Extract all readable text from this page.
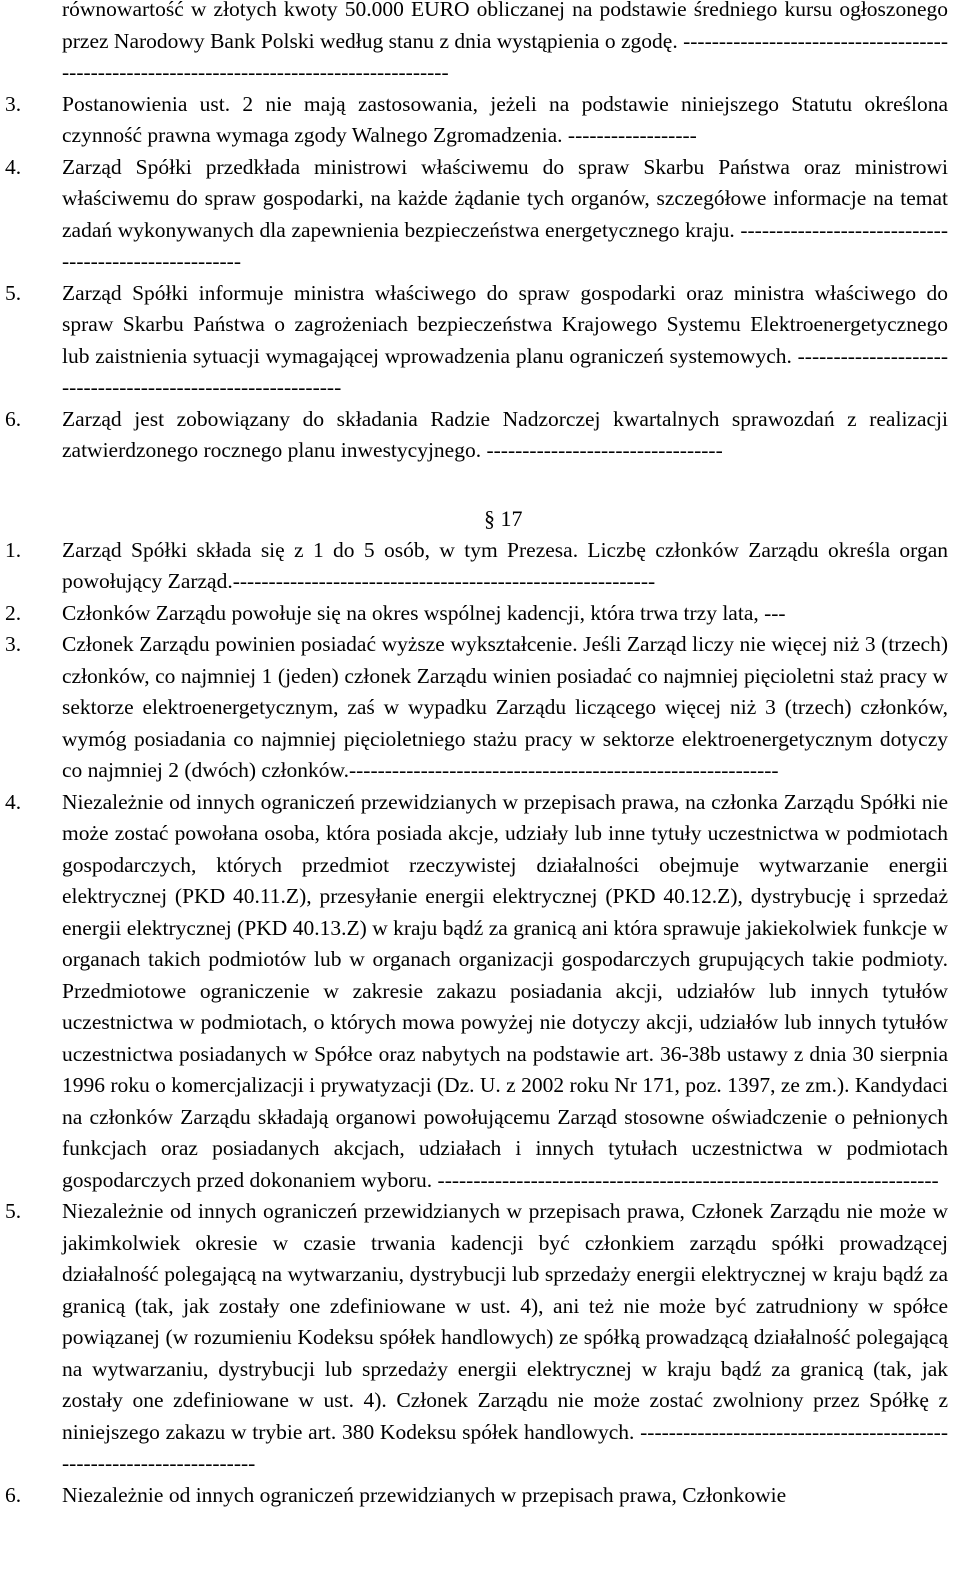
równowartość w złotych kwoty 50.000 EURO obliczanej na podstawie średniego kursu ogłoszonego przez Narodowy Bank Polski według stanu z dnia wystąpienia o zgodę. -------------------------------------------------------------------------------------------

3. Postanowienia ust. 2 nie mają zastosowania, jeżeli na podstawie niniejszego Statutu określona czynność prawna wymaga zgody Walnego Zgromadzenia. ------------------

4. Zarząd Spółki przedkłada ministrowi właściwemu do spraw Skarbu Państwa oraz ministrowi właściwemu do spraw gospodarki, na każde żądanie tych organów, szczegółowe informacje na temat zadań wykonywanych dla zapewnienia bezpieczeństwa energetycznego kraju. ------------------------------------------------------

5. Zarząd Spółki informuje ministra właściwego do spraw gospodarki oraz ministra właściwego do spraw Skarbu Państwa o zagrożeniach bezpieczeństwa Krajowego Systemu Elektroenergetycznego lub zaistnienia sytuacji wymagającej wprowadzenia planu ograniczeń systemowych. ------------------------------------------------------------

6. Zarząd jest zobowiązany do składania Radzie Nadzorczej kwartalnych sprawozdań z realizacji zatwierdzonego rocznego planu inwestycyjnego. ---------------------------------

§ 17

1. Zarząd Spółki składa się z 1 do 5 osób, w tym Prezesa. Liczbę członków Zarządu określa organ powołujący Zarząd.-----------------------------------------------------------

2. Członków Zarządu powołuje się na okres wspólnej kadencji, która trwa trzy lata, ---

3. Członek Zarządu powinien posiadać wyższe wykształcenie. Jeśli Zarząd liczy nie więcej niż 3 (trzech) członków, co najmniej 1 (jeden) członek Zarządu winien posiadać co najmniej pięcioletni staż pracy w sektorze elektroenergetycznym, zaś w wypadku Zarządu liczącego więcej niż 3 (trzech) członków, wymóg posiadania co najmniej pięcioletniego stażu pracy w sektorze elektroenergetycznym dotyczy co najmniej 2 (dwóch) członków.------------------------------------------------------------

4. Niezależnie od innych ograniczeń przewidzianych w przepisach prawa, na członka Zarządu Spółki nie może zostać powołana osoba, która posiada akcje, udziały lub inne tytuły uczestnictwa w podmiotach gospodarczych, których przedmiot rzeczywistej działalności obejmuje wytwarzanie energii elektrycznej (PKD 40.11.Z), przesyłanie energii elektrycznej (PKD 40.12.Z), dystrybucję i sprzedaż energii elektrycznej (PKD 40.13.Z) w kraju bądź za granicą ani która sprawuje jakiekolwiek funkcje w organach takich podmiotów lub w organach organizacji gospodarczych grupujących takie podmioty. Przedmiotowe ograniczenie w zakresie zakazu posiadania akcji, udziałów lub innych tytułów uczestnictwa w podmiotach, o których mowa powyżej nie dotyczy akcji, udziałów lub innych tytułów uczestnictwa posiadanych w Spółce oraz nabytych na podstawie art. 36-38b ustawy z dnia 30 sierpnia 1996 roku o komercjalizacji i prywatyzacji (Dz. U. z 2002 roku Nr 171, poz. 1397, ze zm.). Kandydaci na członków Zarządu składają organowi powołującemu Zarząd stosowne oświadczenie o pełnionych funkcjach oraz posiadanych akcjach, udziałach i innych tytułach uczestnictwa w podmiotach gospodarczych przed dokonaniem wyboru. ----------------------------------------------------------------------

5. Niezależnie od innych ograniczeń przewidzianych w przepisach prawa, Członek Zarządu nie może w jakimkolwiek okresie w czasie trwania kadencji być członkiem zarządu spółki prowadzącej działalność polegającą na wytwarzaniu, dystrybucji lub sprzedaży energii elektrycznej w kraju bądź za granicą (tak, jak zostały one zdefiniowane w ust. 4), ani też nie może być zatrudniony w spółce powiązanej (w rozumieniu Kodeksu spółek handlowych) ze spółką prowadzącą działalność polegającą na wytwarzaniu, dystrybucji lub sprzedaży energii elektrycznej w kraju bądź za granicą (tak, jak zostały one zdefiniowane w ust. 4). Członek Zarządu nie może zostać zwolniony przez Spółkę z niniejszego zakazu w trybie art. 380 Kodeksu spółek handlowych. ----------------------------------------------------------------------

6. Niezależnie od innych ograniczeń przewidzianych w przepisach prawa, Członkowie
